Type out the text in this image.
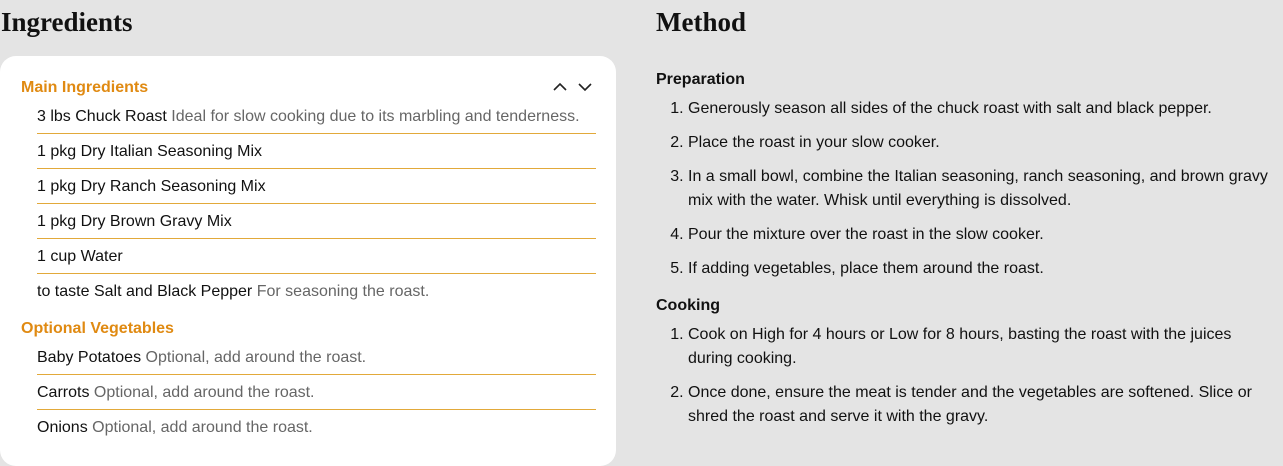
Ingredients
Main Ingredients
3 lbs Chuck Roast Ideal for slow cooking due to its marbling and tenderness.
1 pkg Dry Italian Seasoning Mix
1 pkg Dry Ranch Seasoning Mix
1 pkg Dry Brown Gravy Mix
1 cup Water
to taste Salt and Black Pepper For seasoning the roast.
Optional Vegetables
Baby Potatoes Optional, add around the roast.
Carrots Optional, add around the roast.
Onions Optional, add around the roast.
Method
Preparation
1. Generously season all sides of the chuck roast with salt and black pepper.
2. Place the roast in your slow cooker.
3. In a small bowl, combine the Italian seasoning, ranch seasoning, and brown gravy mix with the water. Whisk until everything is dissolved.
4. Pour the mixture over the roast in the slow cooker.
5. If adding vegetables, place them around the roast.
Cooking
1. Cook on High for 4 hours or Low for 8 hours, basting the roast with the juices during cooking.
2. Once done, ensure the meat is tender and the vegetables are softened. Slice or shred the roast and serve it with the gravy.
